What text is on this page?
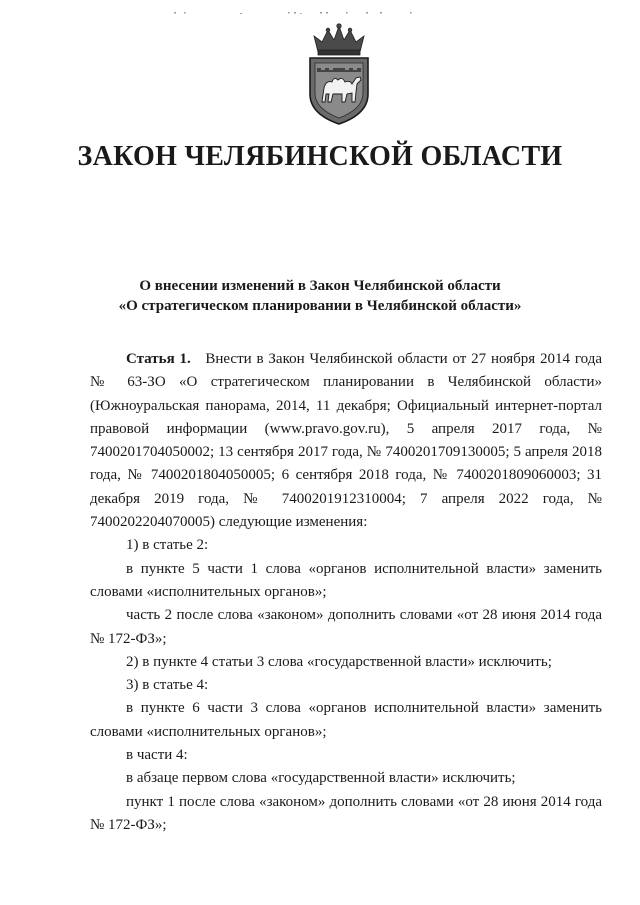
ЗАКОН ЧЕЛЯБИНСКОЙ ОБЛАСТИ
О внесении изменений в Закон Челябинской области
«О стратегическом планировании в Челябинской области»

Статья 1. Внести в Закон Челябинской области от 27 ноября 2014 года № 63-ЗО «О стратегическом планировании в Челябинской области» (Южноуральская панорама, 2014, 11 декабря; Официальный интернет-портал правовой информации (www.pravo.gov.ru), 5 апреля 2017 года, № 7400201704050002; 13 сентября 2017 года, № 7400201709130005; 5 апреля 2018 года, № 7400201804050005; 6 сентября 2018 года, № 7400201809060003; 31 декабря 2019 года, № 7400201912310004; 7 апреля 2022 года, № 7400202204070005) следующие изменения:

1) в статье 2:

в пункте 5 части 1 слова «органов исполнительной власти» заменить словами «исполнительных органов»;

часть 2 после слова «законом» дополнить словами «от 28 июня 2014 года № 172-ФЗ»;

2) в пункте 4 статьи 3 слова «государственной власти» исключить;

3) в статье 4:

в пункте 6 части 3 слова «органов исполнительной власти» заменить словами «исполнительных органов»;

в части 4:

в абзаце первом слова «государственной власти» исключить;

пункт 1 после слова «законом» дополнить словами «от 28 июня 2014 года № 172-ФЗ»;
